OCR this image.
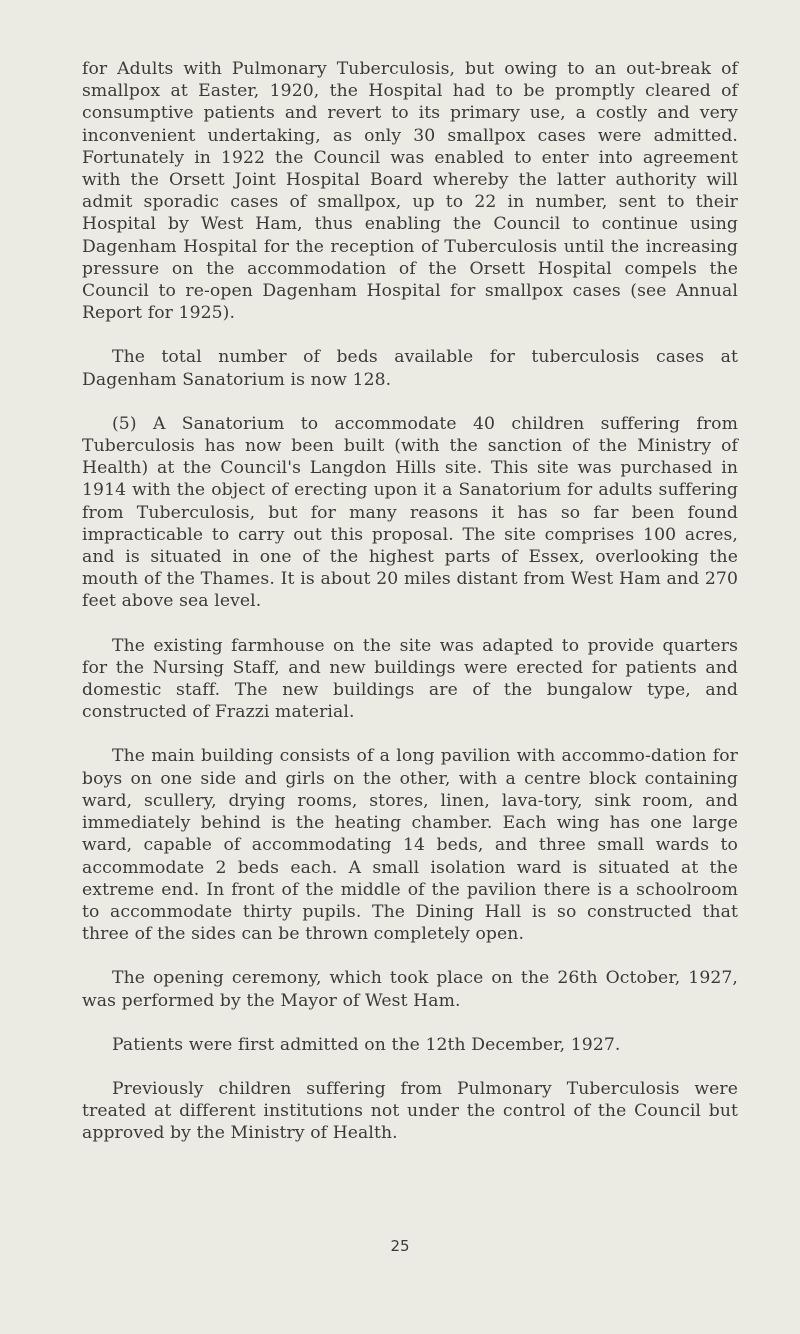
for Adults with Pulmonary Tuberculosis, but owing to an out-break of smallpox at Easter, 1920, the Hospital had to be promptly cleared of consumptive patients and revert to its primary use, a costly and very inconvenient undertaking, as only 30 smallpox cases were admitted. Fortunately in 1922 the Council was enabled to enter into agreement with the Orsett Joint Hospital Board whereby the latter authority will admit sporadic cases of smallpox, up to 22 in number, sent to their Hospital by West Ham, thus enabling the Council to continue using Dagenham Hospital for the reception of Tuberculosis until the increasing pressure on the accommodation of the Orsett Hospital compels the Council to re-open Dagenham Hospital for smallpox cases (see Annual Report for 1925).

The total number of beds available for tuberculosis cases at Dagenham Sanatorium is now 128.

(5) A Sanatorium to accommodate 40 children suffering from Tuberculosis has now been built (with the sanction of the Ministry of Health) at the Council's Langdon Hills site. This site was purchased in 1914 with the object of erecting upon it a Sanatorium for adults suffering from Tuberculosis, but for many reasons it has so far been found impracticable to carry out this proposal. The site comprises 100 acres, and is situated in one of the highest parts of Essex, overlooking the mouth of the Thames. It is about 20 miles distant from West Ham and 270 feet above sea level.

The existing farmhouse on the site was adapted to provide quarters for the Nursing Staff, and new buildings were erected for patients and domestic staff. The new buildings are of the bungalow type, and constructed of Frazzi material.

The main building consists of a long pavilion with accommo-dation for boys on one side and girls on the other, with a centre block containing ward, scullery, drying rooms, stores, linen, lava-tory, sink room, and immediately behind is the heating chamber. Each wing has one large ward, capable of accommodating 14 beds, and three small wards to accommodate 2 beds each. A small isolation ward is situated at the extreme end. In front of the middle of the pavilion there is a schoolroom to accommodate thirty pupils. The Dining Hall is so constructed that three of the sides can be thrown completely open.

The opening ceremony, which took place on the 26th October, 1927, was performed by the Mayor of West Ham.

Patients were first admitted on the 12th December, 1927.

Previously children suffering from Pulmonary Tuberculosis were treated at different institutions not under the control of the Council but approved by the Ministry of Health.

25
